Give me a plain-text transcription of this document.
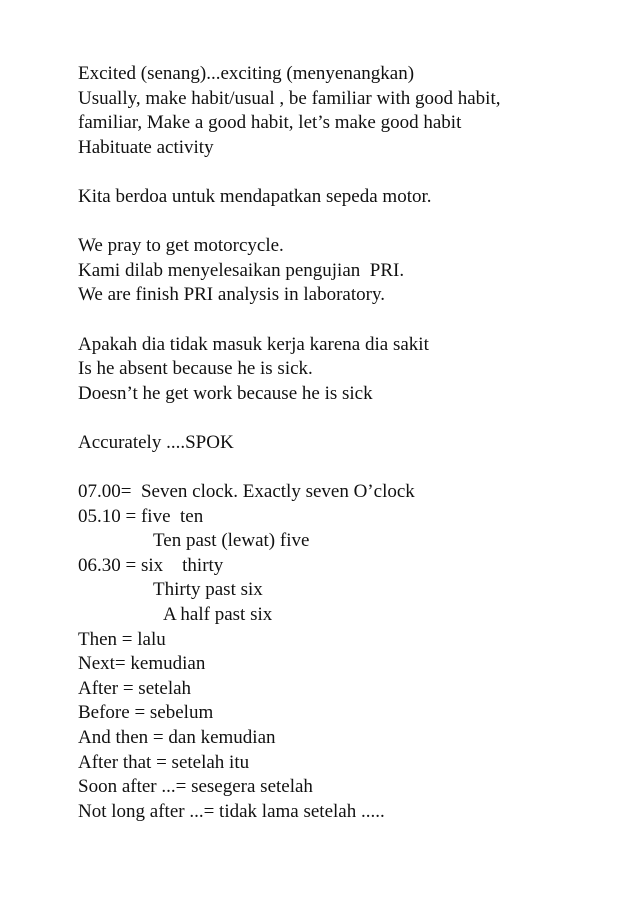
Excited (senang)...exciting (menyenangkan)
Usually, make habit/usual , be familiar with good habit,
familiar, Make a good habit, let’s make good habit
Habituate activity
Kita berdoa untuk mendapatkan sepeda motor.
We pray to get motorcycle.
Kami dilab menyelesaikan pengujian  PRI.
We are finish PRI analysis in laboratory.
Apakah dia tidak masuk kerja karena dia sakit
Is he absent because he is sick.
Doesn’t he get work because he is sick
Accurately ....SPOK
07.00=  Seven clock. Exactly seven O’clock
05.10 = five  ten
Ten past (lewat) five
06.30 = six    thirty
Thirty past six
A half past six
Then = lalu
Next= kemudian
After = setelah
Before = sebelum
And then = dan kemudian
After that = setelah itu
Soon after ...= sesegera setelah
Not long after ...= tidak lama setelah .....
